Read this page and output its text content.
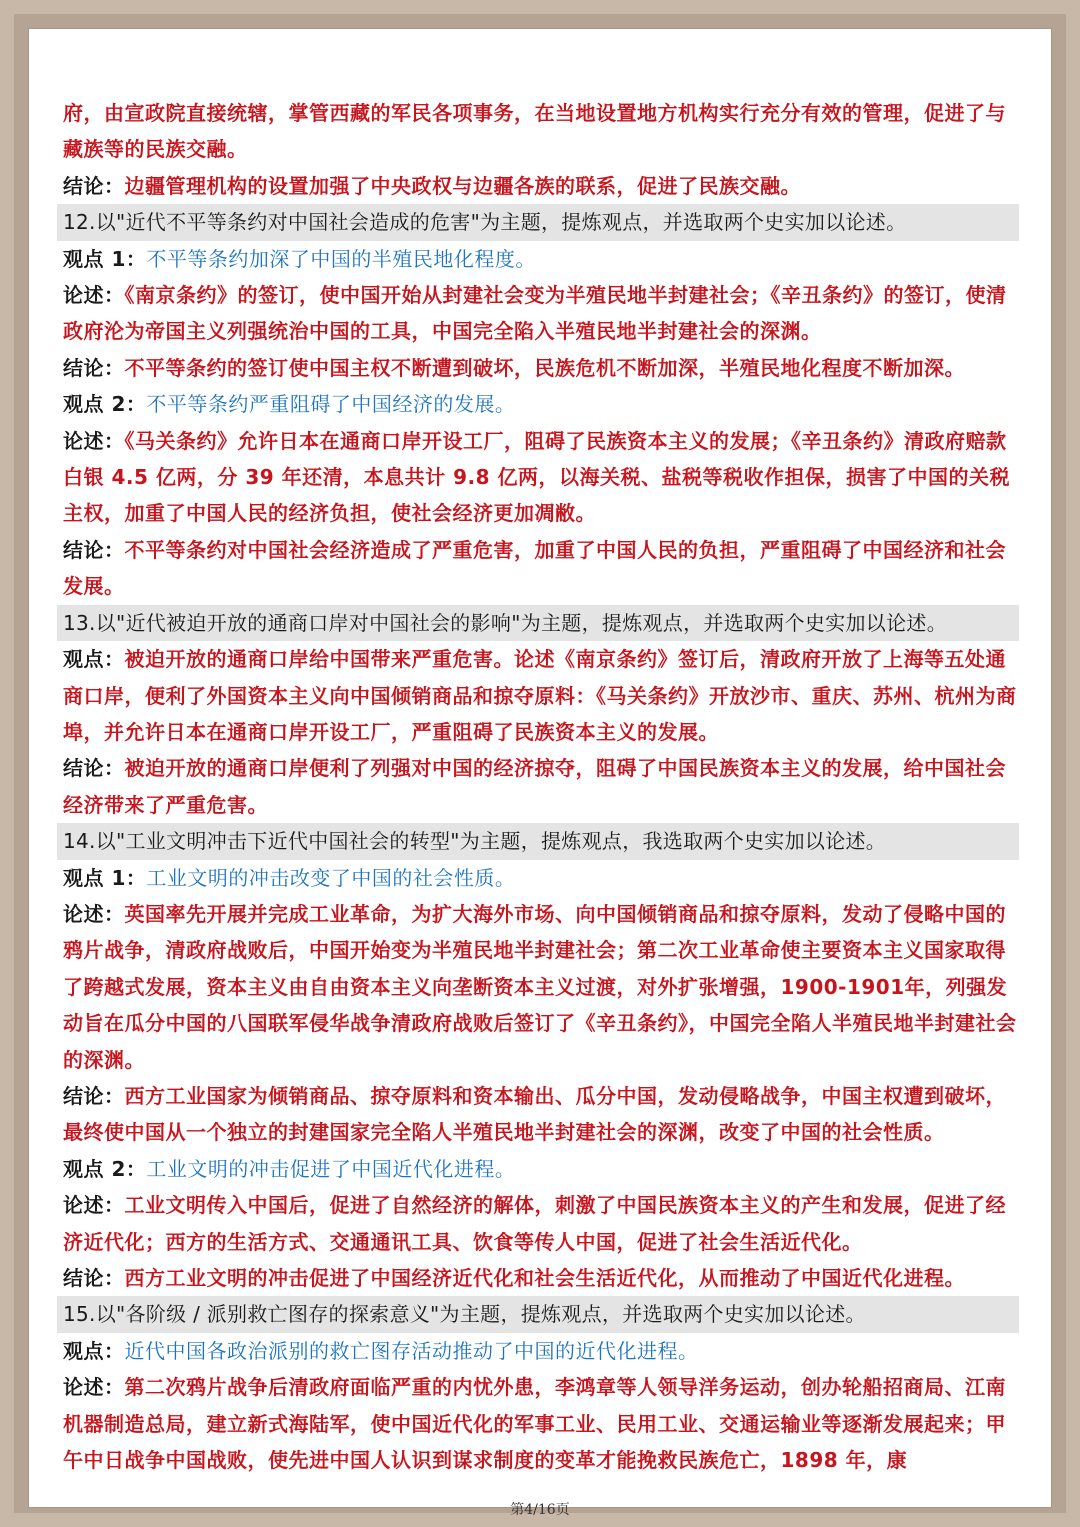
府，由宣政院直接统辖，掌管西藏的军民各项事务，在当地设置地方机构实行充分有效的管理，促进了与藏族等的民族交融。
结论：边疆管理机构的设置加强了中央政权与边疆各族的联系，促进了民族交融。
12.以"近代不平等条约对中国社会造成的危害"为主题，提炼观点，并选取两个史实加以论述。
观点 1：不平等条约加深了中国的半殖民地化程度。
论述：《南京条约》的签订，使中国开始从封建社会变为半殖民地半封建社会；《辛丑条约》的签订，使清政府沦为帝国主义列强统治中国的工具，中国完全陷入半殖民地半封建社会的深渊。
结论：不平等条约的签订使中国主权不断遭到破坏，民族危机不断加深，半殖民地化程度不断加深。
观点 2：不平等条约严重阻碍了中国经济的发展。
论述：《马关条约》允许日本在通商口岸开设工厂，阻碍了民族资本主义的发展；《辛丑条约》清政府赔款白银 4.5 亿两，分 39 年还清，本息共计 9.8 亿两，以海关税、盐税等税收作担保，损害了中国的关税主权，加重了中国人民的经济负担，使社会经济更加凋敝。
结论：不平等条约对中国社会经济造成了严重危害，加重了中国人民的负担，严重阻碍了中国经济和社会发展。
13.以"近代被迫开放的通商口岸对中国社会的影响"为主题，提炼观点，并选取两个史实加以论述。
观点：被迫开放的通商口岸给中国带来严重危害。论述《南京条约》签订后，清政府开放了上海等五处通商口岸，便利了外国资本主义向中国倾销商品和掠夺原料：《马关条约》开放沙市、重庆、苏州、杭州为商埠，并允许日本在通商口岸开设工厂，严重阻碍了民族资本主义的发展。
结论：被迫开放的通商口岸便利了列强对中国的经济掠夺，阻碍了中国民族资本主义的发展，给中国社会经济带来了严重危害。
14.以"工业文明冲击下近代中国社会的转型"为主题，提炼观点，我选取两个史实加以论述。
观点 1：工业文明的冲击改变了中国的社会性质。
论述：英国率先开展并完成工业革命，为扩大海外市场、向中国倾销商品和掠夺原料，发动了侵略中国的鸦片战争，清政府战败后，中国开始变为半殖民地半封建社会；第二次工业革命使主要资本主义国家取得了跨越式发展，资本主义由自由资本主义向垄断资本主义过渡，对外扩张增强，1900-1901年，列强发动旨在瓜分中国的八国联军侵华战争清政府战败后签订了《辛丑条约》，中国完全陷人半殖民地半封建社会的深渊。
结论：西方工业国家为倾销商品、掠夺原料和资本输出、瓜分中国，发动侵略战争，中国主权遭到破坏，最终使中国从一个独立的封建国家完全陷人半殖民地半封建社会的深渊，改变了中国的社会性质。
观点 2：工业文明的冲击促进了中国近代化进程。
论述：工业文明传入中国后，促进了自然经济的解体，刺激了中国民族资本主义的产生和发展，促进了经济近代化；西方的生活方式、交通通讯工具、饮食等传人中国，促进了社会生活近代化。
结论：西方工业文明的冲击促进了中国经济近代化和社会生活近代化，从而推动了中国近代化进程。
15.以"各阶级 / 派别救亡图存的探索意义"为主题，提炼观点，并选取两个史实加以论述。
观点：近代中国各政治派别的救亡图存活动推动了中国的近代化进程。
论述：第二次鸦片战争后清政府面临严重的内忧外患，李鸿章等人领导洋务运动，创办轮船招商局、江南机器制造总局，建立新式海陆军，使中国近代化的军事工业、民用工业、交通运输业等逐渐发展起来；甲午中日战争中国战败，使先进中国人认识到谋求制度的变革才能挽救民族危亡，1898 年，康
第4/16页
